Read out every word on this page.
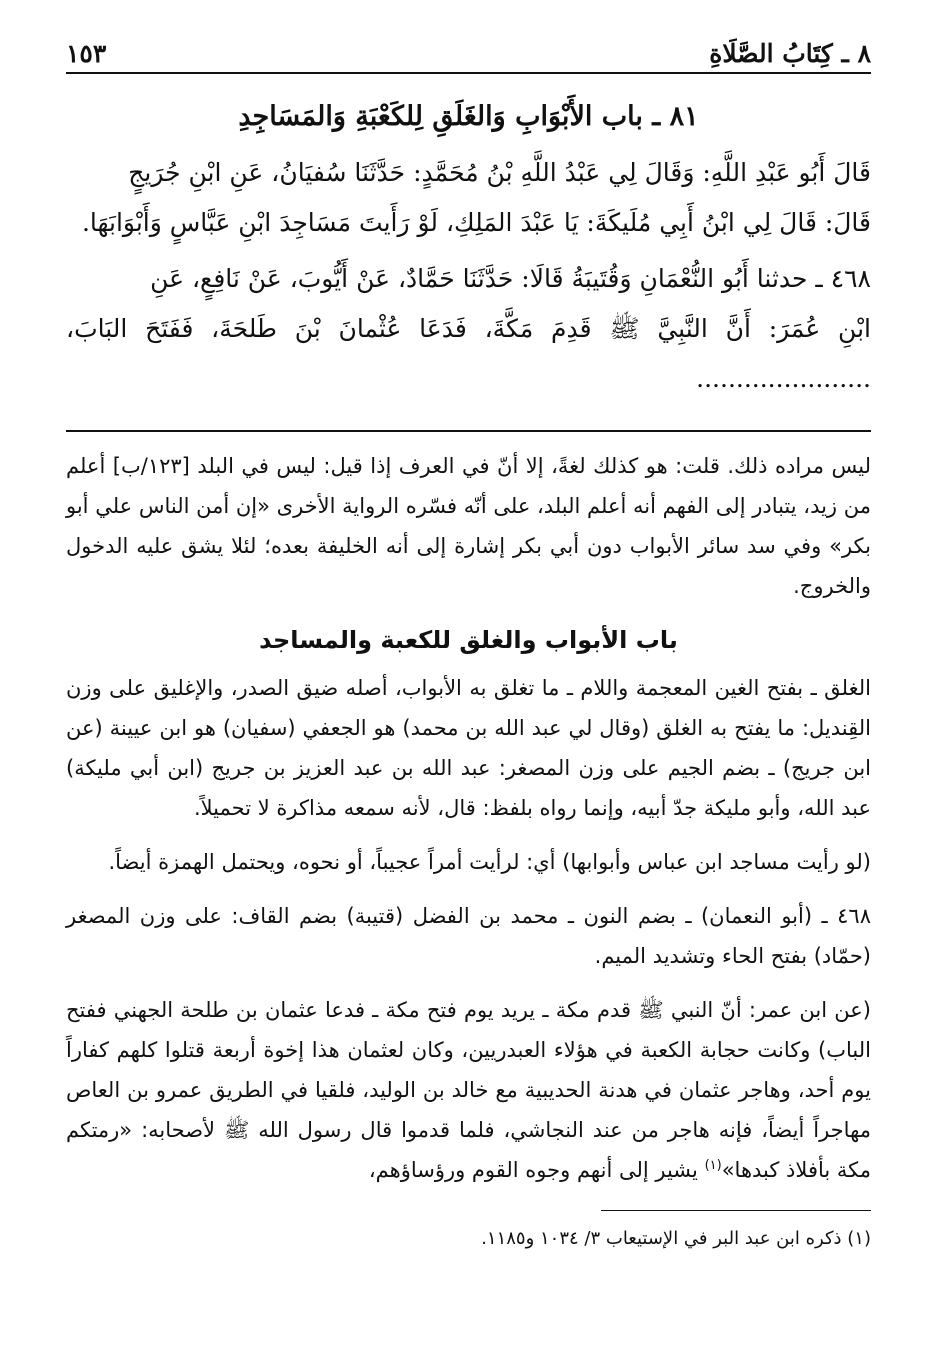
٨ ـ كِتَابُ الصَّلَاةِ
١٥٣
٨١ ـ باب الأَبْوَابِ وَالغَلَقِ لِلكَعْبَةِ وَالمَسَاجِدِ

قَالَ أَبُو عَبْدِ اللَّهِ: وَقَالَ لِي عَبْدُ اللَّهِ بْنُ مُحَمَّدٍ: حَدَّثَنَا سُفيَانُ، عَنِ ابْنِ جُرَيجٍ

قَالَ: قَالَ لِي ابْنُ أَبِي مُلَيكَةَ: يَا عَبْدَ المَلِكِ، لَوْ رَأَيتَ مَسَاجِدَ ابْنِ عَبَّاسٍ وَأَبْوَابَهَا.

٤٦٨ ـ حدثنا أَبُو النُّعْمَانِ وَقُتَيبَةُ قَالَا: حَدَّثَنَا حَمَّادٌ، عَنْ أَيُّوبَ، عَنْ نَافِعٍ، عَنِ

ابْنِ عُمَرَ: أَنَّ النَّبِيَّ ﷺ قَدِمَ مَكَّةَ، فَدَعَا عُثْمانَ بْنَ طَلحَةَ، فَفَتَحَ البَابَ، ......................

ليس مراده ذلك. قلت: هو كذلك لغةً، إلا أنّ في العرف إذا قيل: ليس في البلد [١٢٣/ب] أعلم من زيد، يتبادر إلى الفهم أنه أعلم البلد، على أنّه فسّره الرواية الأخرى «إن أمن الناس علي أبو بكر» وفي سد سائر الأبواب دون أبي بكر إشارة إلى أنه الخليفة بعده؛ لئلا يشق عليه الدخول والخروج.

باب الأبواب والغلق للكعبة والمساجد

الغلق ـ بفتح الغين المعجمة واللام ـ ما تغلق به الأبواب، أصله ضيق الصدر، والإغليق على وزن القِنديل: ما يفتح به الغلق (وقال لي عبد الله بن محمد) هو الجعفي (سفيان) هو ابن عيينة (عن ابن جريج) ـ بضم الجيم على وزن المصغر: عبد الله بن عبد العزيز بن جريج (ابن أبي مليكة) عبد الله، وأبو مليكة جدّ أبيه، وإنما رواه بلفظ: قال، لأنه سمعه مذاكرة لا تحميلاً.

(لو رأيت مساجد ابن عباس وأبوابها) أي: لرأيت أمراً عجيباً، أو نحوه، ويحتمل الهمزة أيضاً.

٤٦٨ ـ (أبو النعمان) ـ بضم النون ـ محمد بن الفضل (قتيبة) بضم القاف: على وزن المصغر (حمّاد) بفتح الحاء وتشديد الميم.

(عن ابن عمر: أنّ النبي ﷺ قدم مكة ـ يريد يوم فتح مكة ـ فدعا عثمان بن طلحة الجهني ففتح الباب) وكانت حجابة الكعبة في هؤلاء العبدريين، وكان لعثمان هذا إخوة أربعة قتلوا كلهم كفاراً يوم أحد، وهاجر عثمان في هدنة الحديبية مع خالد بن الوليد، فلقيا في الطريق عمرو بن العاص مهاجراً أيضاً، فإنه هاجر من عند النجاشي، فلما قدموا قال رسول الله ﷺ لأصحابه: «رمتكم مكة بأفلاذ كبدها»$^{(١)}$ يشير إلى أنهم وجوه القوم ورؤساؤهم،

(١) ذكره ابن عبد البر في الإستيعاب ٣/ ١٠٣٤ و١١٨٥.
